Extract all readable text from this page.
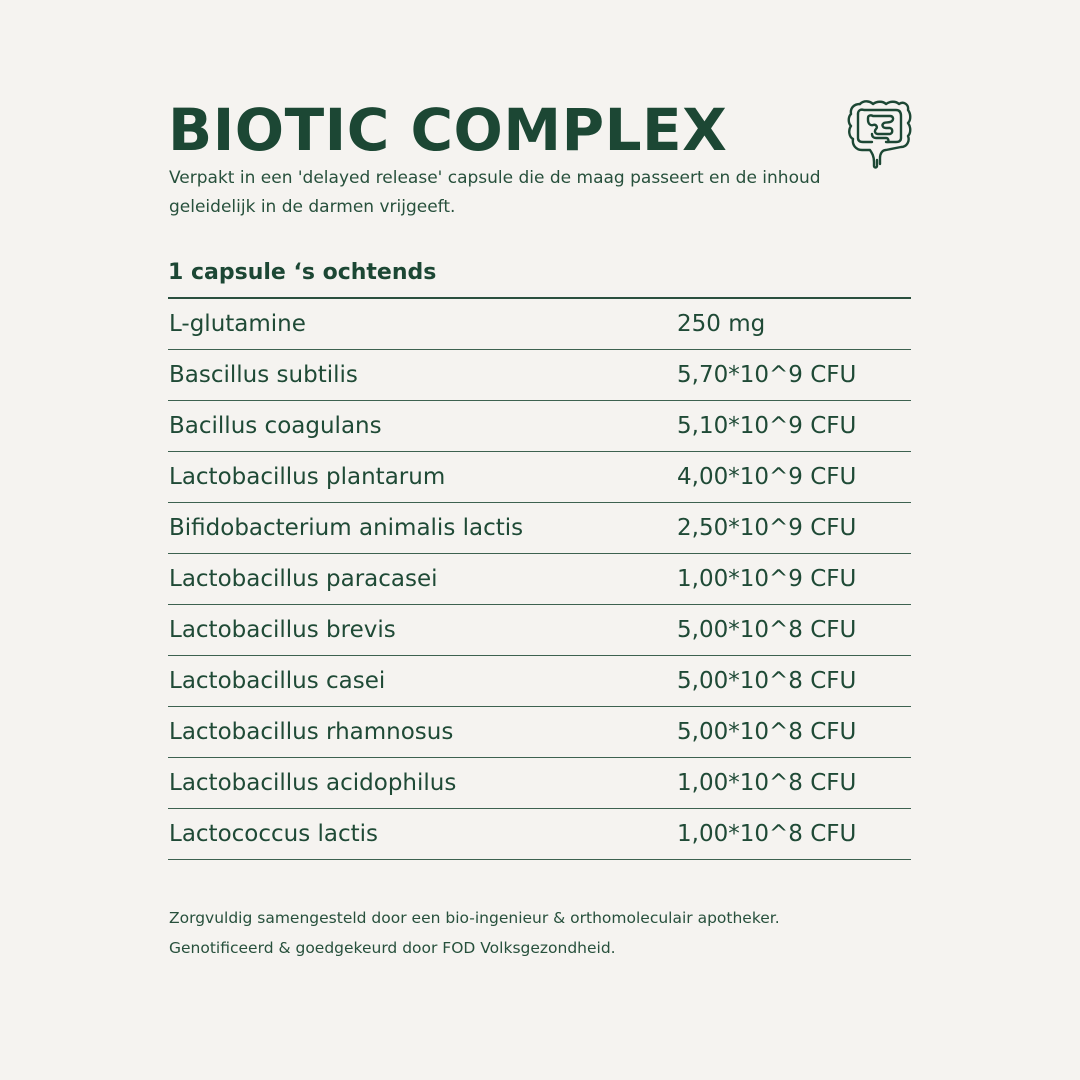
BIOTIC COMPLEX

Verpakt in een 'delayed release' capsule die de maag passeert en de inhoud geleidelijk in de darmen vrijgeeft.

1 capsule ‘s ochtends
L-glutamine	250 mg
Bascillus subtilis	5,70*10^9 CFU
Bacillus coagulans	5,10*10^9 CFU
Lactobacillus plantarum	4,00*10^9 CFU
Bifidobacterium animalis lactis	2,50*10^9 CFU
Lactobacillus paracasei	1,00*10^9 CFU
Lactobacillus brevis	5,00*10^8 CFU
Lactobacillus casei	5,00*10^8 CFU
Lactobacillus rhamnosus	5,00*10^8 CFU
Lactobacillus acidophilus	1,00*10^8 CFU
Lactococcus lactis	1,00*10^8 CFU

Zorgvuldig samengesteld door een bio-ingenieur & orthomoleculair apotheker.
Genotificeerd & goedgekeurd door FOD Volksgezondheid.
